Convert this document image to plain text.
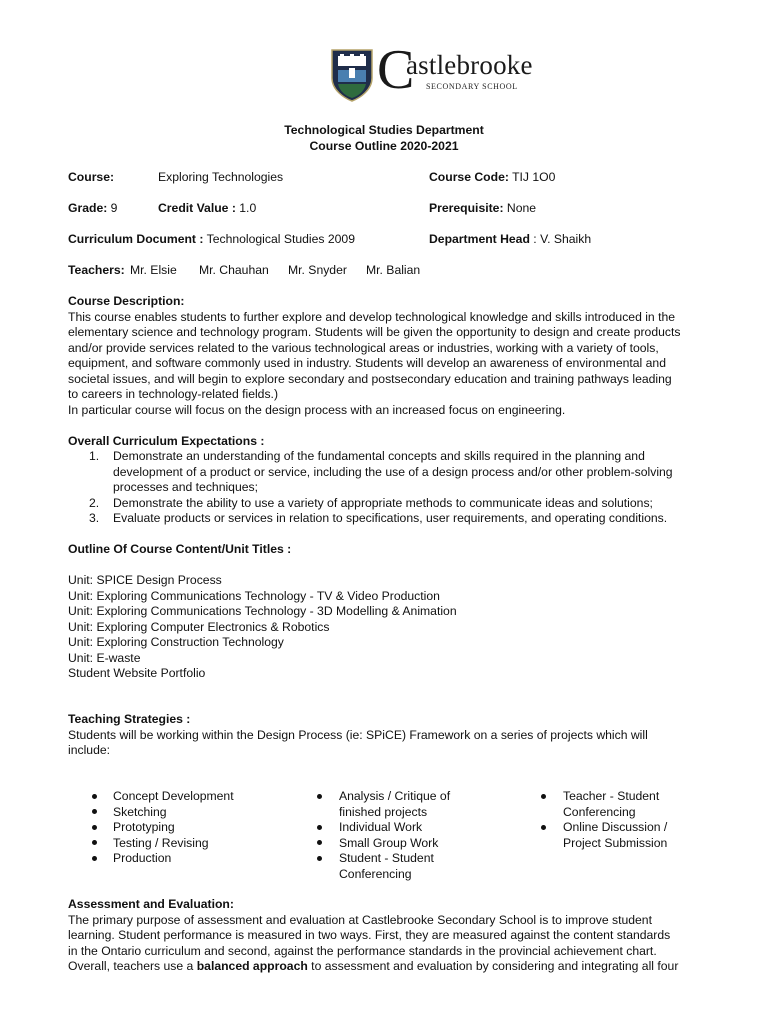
C
astlebrooke
SECONDARY SCHOOL
Technological Studies Department
Course Outline 2020-2021
Course:	Exploring Technologies	Course Code: TIJ 1O0
Grade: 9	Credit Value : 1.0	Prerequisite: None
Curriculum Document : Technological Studies 2009	Department Head : V. Shaikh
Teachers: Mr. Elsie Mr. Chauhan Mr. Snyder Mr. Balian
Course Description:
This course enables students to further explore and develop technological knowledge and skills introduced in the
elementary science and technology program. Students will be given the opportunity to design and create products
and/or provide services related to the various technological areas or industries, working with a variety of tools,
equipment, and software commonly used in industry. Students will develop an awareness of environmental and
societal issues, and will begin to explore secondary and postsecondary education and training pathways leading
to careers in technology-related fields.)
In particular course will focus on the design process with an increased focus on engineering.
Overall Curriculum Expectations :
1. Demonstrate an understanding of the fundamental concepts and skills required in the planning and
development of a product or service, including the use of a design process and/or other problem-solving
processes and techniques;
2. Demonstrate the ability to use a variety of appropriate methods to communicate ideas and solutions;
3. Evaluate products or services in relation to specifications, user requirements, and operating conditions.
Outline Of Course Content/Unit Titles :
Unit: SPICE Design Process
Unit: Exploring Communications Technology - TV & Video Production
Unit: Exploring Communications Technology - 3D Modelling & Animation
Unit: Exploring Computer Electronics & Robotics
Unit: Exploring Construction Technology
Unit: E-waste
Student Website Portfolio
Teaching Strategies :
Students will be working within the Design Process (ie: SPiCE) Framework on a series of projects which will
include:
Concept Development
Sketching
Prototyping
Testing / Revising
Production
Analysis / Critique of
finished projects
Individual Work
Small Group Work
Student - Student
Conferencing
Teacher - Student
Conferencing
Online Discussion /
Project Submission
Assessment and Evaluation:
The primary purpose of assessment and evaluation at Castlebrooke Secondary School is to improve student
learning. Student performance is measured in two ways. First, they are measured against the content standards
in the Ontario curriculum and second, against the performance standards in the provincial achievement chart.
Overall, teachers use a balanced approach to assessment and evaluation by considering and integrating all four
